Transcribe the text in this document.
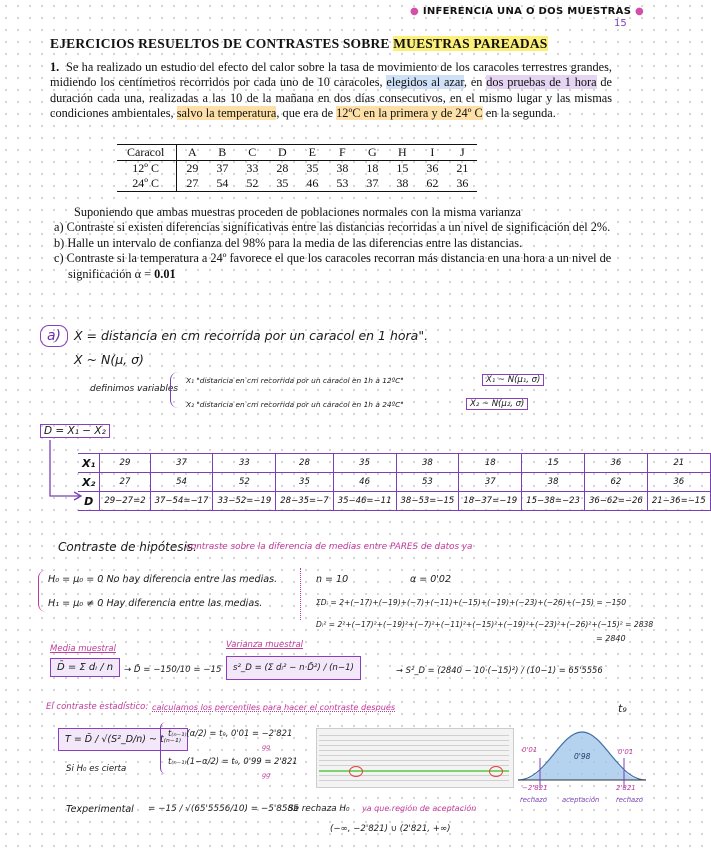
● INFERENCIA UNA O DOS MUESTRAS ●
15
EJERCICIOS RESUELTOS DE CONTRASTES SOBRE MUESTRAS PAREADAS
1. Se ha realizado un estudio del efecto del calor sobre la tasa de movimiento de los caracoles terrestres grandes, midiendo los centímetros recorridos por cada uno de 10 caracoles, elegidos al azar, en dos pruebas de 1 hora de duración cada una, realizadas a las 10 de la mañana en dos días consecutivos, en el mismo lugar y las mismas condiciones ambientales, salvo la temperatura, que era de 12ºC en la primera y de 24º C en la segunda.
Caracol	A	B	C	D	E	F	G	H	I	J
12º C	29	37	33	28	35	38	18	15	36	21
24º C	27	54	52	35	46	53	37	38	62	36
Suponiendo que ambas muestras proceden de poblaciones normales con la misma varianza
a) Contraste si existen diferencias significativas entre las distancias recorridas a un nivel de significación del 2%.
b) Halle un intervalo de confianza del 98% para la media de las diferencias entre las distancias.
c) Contraste si la temperatura a 24º favorece el que los caracoles recorran más distancia en una hora a un nivel de significación α = 0.01
a)	X = distancia en cm recorrida por un caracol en 1 hora".
X ~ N(μ, σ)
definimos variables
X₁ "distancia en cm recorrida por un caracol en 1h a 12ºC"	X₁ ~ N(μ₁, σ)
X₂ "distancia en cm recorrida por un caracol en 1h a 24ºC"	X₂ ~ N(μ₂, σ)
D = X₁ − X₂
X₁	29	37	33	28	35	38	18	15	36	21
X₂	27	54	52	35	46	53	37	38	62	36
D	29−27=2	37−54=−17	33−52=−19	28−35=−7	35−46=−11	38−53=−15	18−37=−19	15−38=−23	36−62=−26	21−36=−15
Contraste de hipótesis:
contraste sobre la diferencia de medias entre PARES de datos ya
H₀ = μ₀ = 0 No hay diferencia entre las medias.
H₁ = μ₀ ≠ 0 Hay diferencia entre las medias.
n = 10	α = 0'02
ΣDᵢ = 2+(−17)+(−19)+(−7)+(−11)+(−15)+(−19)+(−23)+(−26)+(−15) = −150
Dᵢ² = 2²+(−17)²+(−19)²+(−7)²+(−11)²+(−15)²+(−19)²+(−23)²+(−26)²+(−15)² = 2838
= 2840
Media muestral
D̄ = Σ dᵢ / n	→ D̄ = −150/10 = −15
Varianza muestral
s²_D = (Σ dᵢ² − n·D̄²) / (n−1)	→ S²_D = (2840 − 10·(−15)²) / (10−1) = 65'5556
El contraste estadístico: calculamos los percentiles para hacer el contraste después
T = D̄ / √(S²_D/n) ~ t₍ₙ₋₁₎
Si H₀ es cierta
t₍ₙ₋₁₎(α/2) = t₉, 0'01 = −2'821
gg
t₍ₙ₋₁₎(1−α/2) = t₉, 0'99 = 2'821
gg
t₉
0'98
0'01	0'01
−2'821	2'821
rechazo aceptación rechazo
Texperimental = −15 / √(65'5556/10) = −5'8585
Se rechaza H₀ ya que región de aceptación
(−∞, −2'821) ∪ (2'821, +∞)
